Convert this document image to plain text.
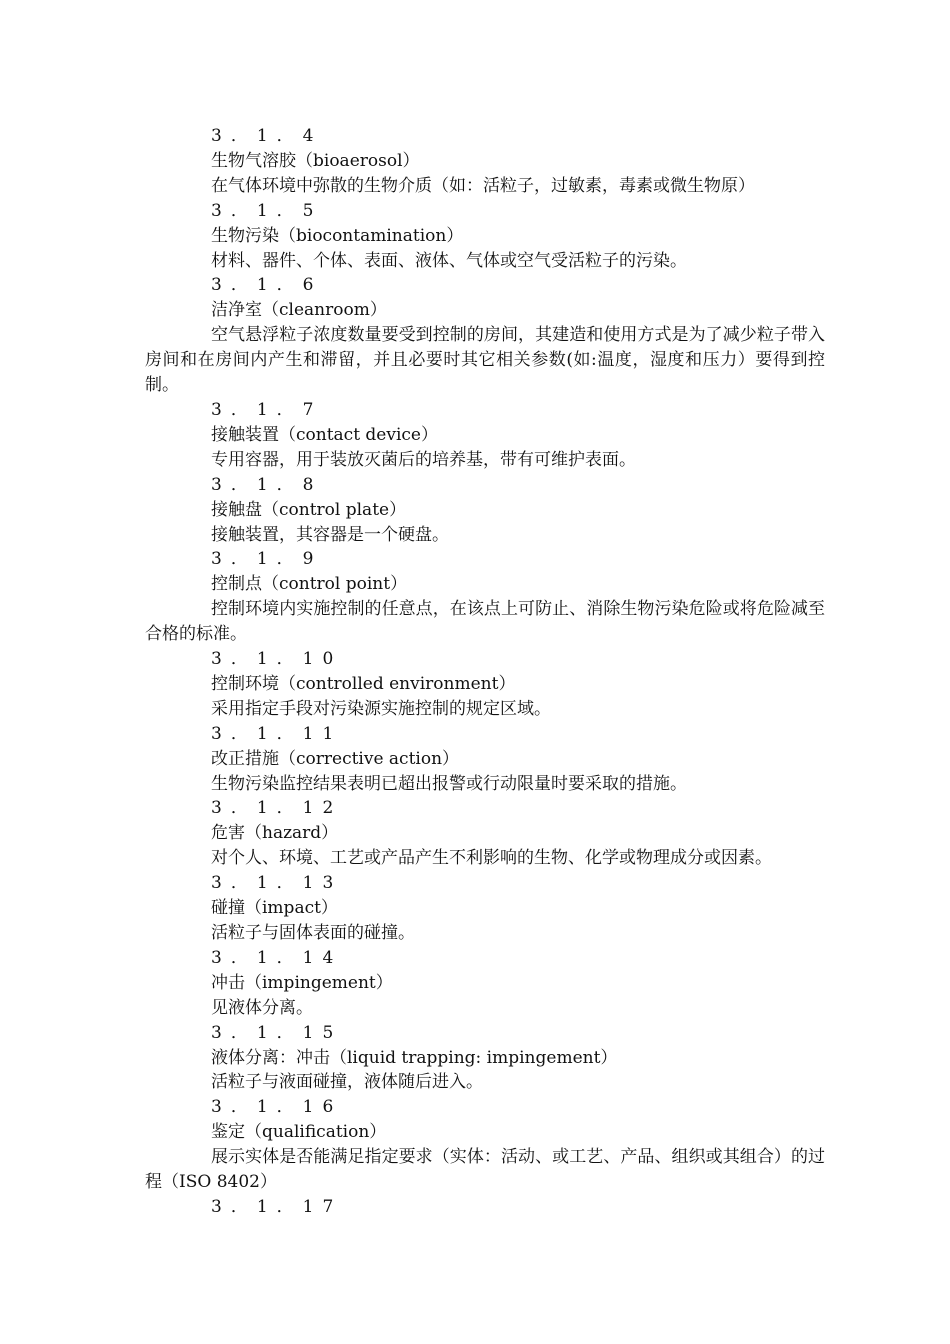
3．1．4

生物气溶胶（bioaerosol）

在气体环境中弥散的生物介质（如：活粒子，过敏素，毒素或微生物原）

3．1．5

生物污染（biocontamination）

材料、器件、个体、表面、液体、气体或空气受活粒子的污染。

3．1．6

洁净室（cleanroom）

空气悬浮粒子浓度数量要受到控制的房间，其建造和使用方式是为了减少粒子带入房间和在房间内产生和滞留，并且必要时其它相关参数(如:温度，湿度和压力）要得到控制。

3．1．7

接触装置（contact device）

专用容器，用于装放灭菌后的培养基，带有可维护表面。

3．1．8

接触盘（control plate）

接触装置，其容器是一个硬盘。

3．1．9

控制点（control point）

控制环境内实施控制的任意点，在该点上可防止、消除生物污染危险或将危险减至合格的标准。

3．1．10

控制环境（controlled environment）

采用指定手段对污染源实施控制的规定区域。

3．1．11

改正措施（corrective action）

生物污染监控结果表明已超出报警或行动限量时要采取的措施。

3．1．12

危害（hazard）

对个人、环境、工艺或产品产生不利影响的生物、化学或物理成分或因素。

3．1．13

碰撞（impact）

活粒子与固体表面的碰撞。

3．1．14

冲击（impingement）

见液体分离。

3．1．15

液体分离：冲击（liquid trapping: impingement）

活粒子与液面碰撞，液体随后进入。

3．1．16

鉴定（qualification）

展示实体是否能满足指定要求（实体：活动、或工艺、产品、组织或其组合）的过程（ISO 8402）

3．1．17
